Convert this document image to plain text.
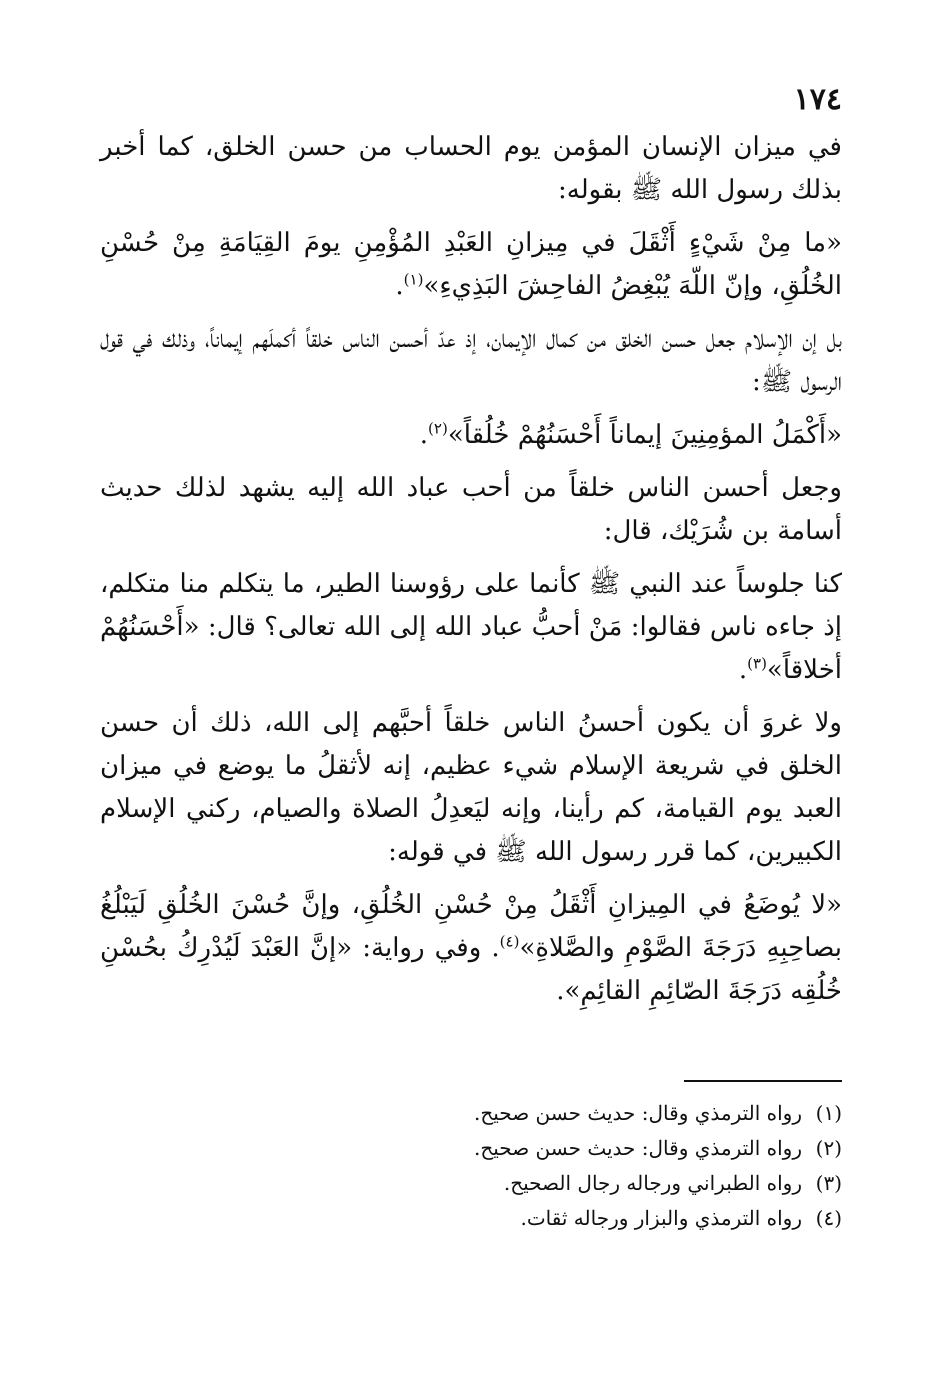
١٧٤

في ميزان الإنسان المؤمن يوم الحساب من حسن الخلق، كما أخبر بذلك رسول الله ﷺ بقوله:

«ما مِنْ شَيْءٍ أَثْقَلَ في مِيزانِ العَبْدِ المُؤْمِنِ يومَ القِيَامَةِ مِنْ حُسْنِ الخُلُقِ، وإنّ اللّهَ يُبْغِضُ الفاحِشَ البَذِيءِ»$^{(١)}$.

بل إن الإسلام جعل حسن الخلق من كمال الإيمان، إذ عدّ أحسن الناس خلقاً أكملَهم إيماناً، وذلك في قول الرسول ﷺ:

«أَكْمَلُ المؤمِنِينَ إيماناً أَحْسَنُهُمْ خُلُقاً»$^{(٢)}$.

وجعل أحسن الناس خلقاً من أحب عباد الله إليه يشهد لذلك حديث أسامة بن شُرَيْك، قال:

كنا جلوساً عند النبي ﷺ كأنما على رؤوسنا الطير، ما يتكلم منا متكلم، إذ جاءه ناس فقالوا: مَنْ أحبُّ عباد الله إلى الله تعالى؟ قال: «أَحْسَنُهُمْ أخلاقاً»$^{(٣)}$.

ولا غروَ أن يكون أحسنُ الناس خلقاً أحبَّهم إلى الله، ذلك أن حسن الخلق في شريعة الإسلام شيء عظيم، إنه لأثقلُ ما يوضع في ميزان العبد يوم القيامة، كم رأينا، وإنه ليَعدِلُ الصلاة والصيام، ركني الإسلام الكبيرين، كما قرر رسول الله ﷺ في قوله:

«لا يُوضَعُ في المِيزانِ أَثْقَلُ مِنْ حُسْنِ الخُلُقِ، وإنَّ حُسْنَ الخُلُقِ لَيَبْلُغُ بصاحِبِهِ دَرَجَةَ الصَّوْمِ والصَّلاةِ»$^{(٤)}$. وفي رواية: «إنَّ العَبْدَ لَيُدْرِكُ بحُسْنِ خُلُقِه دَرَجَةَ الصّائِمِ القائِمِ».

(١)رواه الترمذي وقال: حديث حسن صحيح.
(٢)رواه الترمذي وقال: حديث حسن صحيح.
(٣)رواه الطبراني ورجاله رجال الصحيح.
(٤)رواه الترمذي والبزار ورجاله ثقات.
